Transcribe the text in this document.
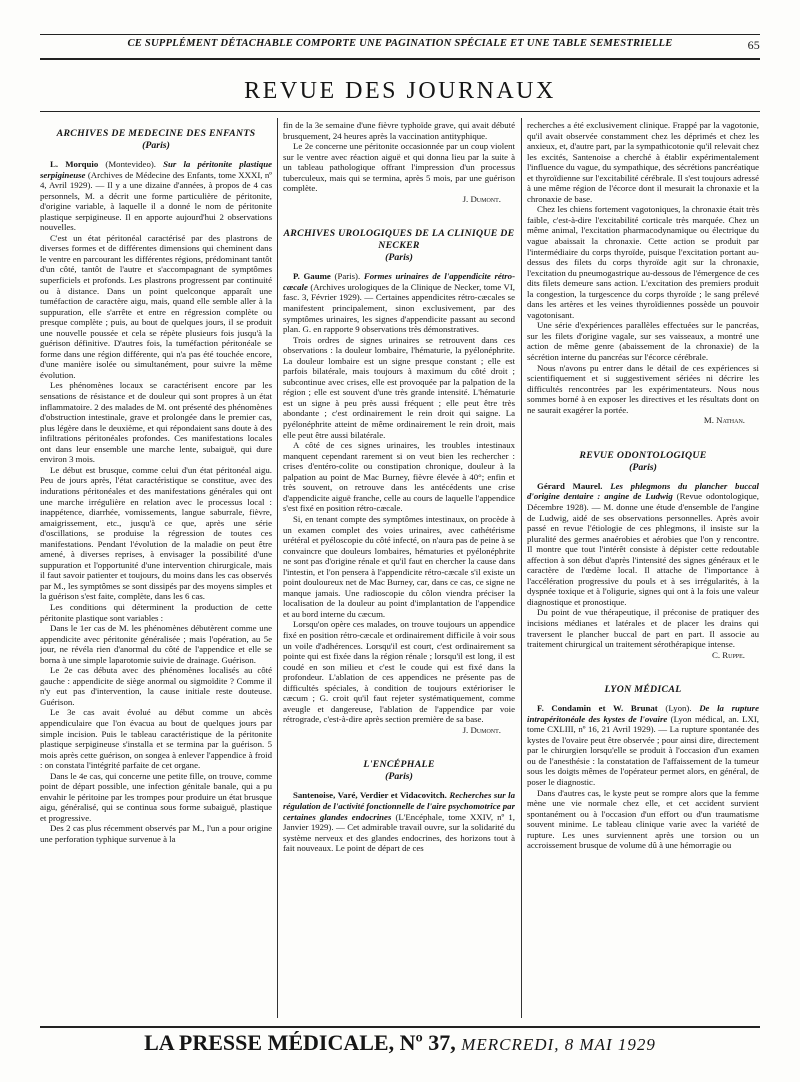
CE SUPPLÉMENT DÉTACHABLE COMPORTE UNE PAGINATION SPÉCIALE ET UNE TABLE SEMESTRIELLE	65
REVUE DES JOURNAUX
ARCHIVES DE MEDECINE DES ENFANTS
(Paris)

L. Morquio (Montevideo). Sur la péritonite plastique serpigineuse (Archives de Médecine des Enfants, tome XXXI, nº 4, Avril 1929). — Il y a une dizaine d'années, à propos de 4 cas personnels, M. a décrit une forme particulière de péritonite, d'origine variable, à laquelle il a donné le nom de péritonite plastique serpigineuse. Il en apporte aujourd'hui 2 observations nouvelles.

C'est un état péritonéal caractérisé par des plastrons de diverses formes et de différentes dimensions qui cheminent dans le ventre en parcourant les différentes régions, prédominant tantôt d'un côté, tantôt de l'autre et s'accompagnant de symptômes superficiels et profonds. Les plastrons progressent par continuité ou à distance. Dans un point quelconque apparaît une tuméfaction de caractère aigu, mais, quand elle semble aller à la suppuration, elle s'arrête et entre en régression complète ou presque complète ; puis, au bout de quelques jours, il se produit une nouvelle poussée et cela se répète plusieurs fois jusqu'à la guérison définitive. D'autres fois, la tuméfaction péritonéale se forme dans une région différente, qui n'a pas été touchée encore, d'une manière isolée ou simultanément, pour suivre la même évolution.

Les phénomènes locaux se caractérisent encore par les sensations de résistance et de douleur qui sont propres à un état inflammatoire. 2 des malades de M. ont présenté des phénomènes d'obstruction intestinale, grave et prolongée dans le premier cas, plus légère dans le deuxième, et qui répondaient sans doute à des infiltrations péritonéales profondes. Ces manifestations locales ont dans leur ensemble une marche lente, subaiguë, qui dure environ 3 mois.

Le début est brusque, comme celui d'un état péritonéal aigu. Peu de jours après, l'état caractéristique se constitue, avec des indurations péritonéales et des manifestations générales qui ont une marche irrégulière en relation avec le processus local : inappétence, diarrhée, vomissements, langue saburrale, fièvre, amaigrissement, etc., jusqu'à ce que, après une série d'oscillations, se produise la régression de toutes ces manifestations. Pendant l'évolution de la maladie on peut être amené, à diverses reprises, à envisager la possibilité d'une suppuration et l'opportunité d'une intervention chirurgicale, mais il faut savoir patienter et toujours, du moins dans les cas observés par M., les symptômes se sont dissipés par des moyens simples et la guérison s'est faite, complète, dans les 6 cas.

Les conditions qui déterminent la production de cette péritonite plastique sont variables :

Dans le 1er cas de M. les phénomènes débutèrent comme une appendicite avec péritonite généralisée ; mais l'opération, au 5e jour, ne révéla rien d'anormal du côté de l'appendice et elle se borna à une simple laparotomie suivie de drainage. Guérison.

Le 2e cas débuta avec des phénomènes localisés au côté gauche : appendicite de siège anormal ou sigmoïdite ? Comme il n'y eut pas d'intervention, la cause initiale reste douteuse. Guérison.

Le 3e cas avait évolué au début comme un abcès appendiculaire que l'on évacua au bout de quelques jours par simple incision. Puis le tableau caractéristique de la péritonite plastique serpigineuse s'installa et se termina par la guérison. 5 mois après cette guérison, on songea à enlever l'appendice à froid : on constata l'intégrité parfaite de cet organe.

Dans le 4e cas, qui concerne une petite fille, on trouve, comme point de départ possible, une infection génitale banale, qui a pu envahir le péritoine par les trompes pour produire un état brusque aigu, généralisé, qui se continua sous forme subaiguë, plastique et progressive.

Des 2 cas plus récemment observés par M., l'un a pour origine une perforation typhique survenue à la

fin de la 3e semaine d'une fièvre typhoïde grave, qui avait débuté brusquement, 24 heures après la vaccination antityphique.

Le 2e concerne une péritonite occasionnée par un coup violent sur le ventre avec réaction aiguë et qui donna lieu par la suite à un tableau pathologique offrant l'impression d'un processus tuberculeux, mais qui se termina, après 5 mois, par une guérison complète.

J. Dumont.
ARCHIVES UROLOGIQUES DE LA CLINIQUE DE NECKER
(Paris)

P. Gaume (Paris). Formes urinaires de l'appendicite rétro-cæcale (Archives urologiques de la Clinique de Necker, tome VI, fasc. 3, Février 1929). — Certaines appendicites rétro-cæcales se manifestent principalement, sinon exclusivement, par des symptômes urinaires, les signes d'appendicite passant au second plan. G. en rapporte 9 observations très démonstratives.

Trois ordres de signes urinaires se retrouvent dans ces observations : la douleur lombaire, l'hématurie, la pyélonéphrite. La douleur lombaire est un signe presque constant ; elle est parfois bilatérale, mais toujours à maximum du côté droit ; subcontinue avec crises, elle est provoquée par la palpation de la région ; elle est souvent d'une très grande intensité. L'hématurie est un signe à peu près aussi fréquent ; elle peut être très abondante ; c'est ordinairement le rein droit qui saigne. La pyélonéphrite atteint de même ordinairement le rein droit, mais elle peut être aussi bilatérale.

A côté de ces signes urinaires, les troubles intestinaux manquent cependant rarement si on veut bien les rechercher : crises d'entéro-colite ou constipation chronique, douleur à la palpation au point de Mac Burney, fièvre élevée à 40°; enfin et très souvent, on retrouve dans les antécédents une crise d'appendicite aiguë franche, celle au cours de laquelle l'appendice s'est fixé en position rétro-cæcale.

Si, en tenant compte des symptômes intestinaux, on procède à un examen complet des voies urinaires, avec cathétérisme urétéral et pyéloscopie du côté infecté, on n'aura pas de peine à se convaincre que douleurs lombaires, hématuries et pyélonéphrite ne sont pas d'origine rénale et qu'il faut en chercher la cause dans l'intestin, et l'on pensera à l'appendicite rétro-cæcale s'il existe un point douloureux net de Mac Burney, car, dans ce cas, ce signe ne manque jamais. Une radioscopie du côlon viendra préciser la localisation de la douleur au point d'implantation de l'appendice et au bord interne du cæcum.

Lorsqu'on opère ces malades, on trouve toujours un appendice fixé en position rétro-cæcale et ordinairement difficile à voir sous un voile d'adhérences. Lorsqu'il est court, c'est ordinairement sa pointe qui est fixée dans la région rénale ; lorsqu'il est long, il est coudé en son milieu et c'est le coude qui est fixé dans la profondeur. L'ablation de ces appendices ne présente pas de difficultés spéciales, à condition de toujours extérioriser le cæcum ; G. croit qu'il faut rejeter systématiquement, comme aveugle et dangereuse, l'ablation de l'appendice par voie rétrograde, c'est-à-dire après section première de sa base.

J. Dumont.
L'ENCÉPHALE
(Paris)

Santenoise, Varé, Verdier et Vidacovitch. Recherches sur la régulation de l'activité fonctionnelle de l'aire psychomotrice par certaines glandes endocrines (L'Encéphale, tome XXIV, nº 1, Janvier 1929). — Cet admirable travail ouvre, sur la solidarité du système nerveux et des glandes endocrines, des horizons tout à fait nouveaux. Le point de départ de ces

recherches a été exclusivement clinique. Frappé par la vagotonie, qu'il avait observée constamment chez les déprimés et chez les anxieux, et, d'autre part, par la sympathicotonie qu'il relevait chez les excités, Santenoise a cherché à établir expérimentalement l'influence du vague, du sympathique, des sécrétions pancréatique et thyroïdienne sur l'excitabilité cérébrale. Il s'est toujours adressé à une même région de l'écorce dont il mesurait la chronaxie et la chronaxie de base.

Chez les chiens fortement vagotoniques, la chronaxie était très faible, c'est-à-dire l'excitabilité corticale très marquée. Chez un même animal, l'excitation pharmacodynamique ou électrique du vague abaissait la chronaxie. Cette action se produit par l'intermédiaire du corps thyroïde, puisque l'excitation portant au-dessus des filets du corps thyroïde agit sur la chronaxie, l'excitation du pneumogastrique au-dessous de l'émergence de ces dits filets demeure sans action. L'excitation des premiers produit la congestion, la turgescence du corps thyroïde ; le sang prélevé dans les artères et les veines thyroïdiennes possède un pouvoir vagotonisant.

Une série d'expériences parallèles effectuées sur le pancréas, sur les filets d'origine vagale, sur ses vaisseaux, a montré une action de même genre (abaissement de la chronaxie) de la sécrétion interne du pancréas sur l'écorce cérébrale.

Nous n'avons pu entrer dans le détail de ces expériences si scientifiquement et si suggestivement sériées ni décrire les difficultés rencontrées par les expérimentateurs. Nous nous sommes borné à en exposer les directives et les résultats dont on ne saurait exagérer la portée.

M. Nathan.
REVUE ODONTOLOGIQUE
(Paris)

Gérard Maurel. Les phlegmons du plancher buccal d'origine dentaire : angine de Ludwig (Revue odontologique, Décembre 1928). — M. donne une étude d'ensemble de l'angine de Ludwig, aidé de ses observations personnelles. Après avoir passé en revue l'étiologie de ces phlegmons, il insiste sur la pluralité des germes anaérobies et aérobies que l'on y rencontre. Il montre que tout l'intérêt consiste à dépister cette redoutable affection à son début d'après l'intensité des signes généraux et le caractère de l'œdème local. Il attache de l'importance à l'accélération progressive du pouls et à ses irrégularités, à la dyspnée toxique et à l'oligurie, signes qui ont à la fois une valeur diagnostique et pronostique.

Du point de vue thérapeutique, il préconise de pratiquer des incisions médianes et latérales et de placer les drains qui traversent le plancher buccal de part en part. Il associe au traitement chirurgical un traitement sérothérapique intense.

C. Ruppe.
LYON MÉDICAL

F. Condamin et W. Brunat (Lyon). De la rupture intrapéritonéale des kystes de l'ovaire (Lyon médical, an. LXI, tome CXLIII, nº 16, 21 Avril 1929). — La rupture spontanée des kystes de l'ovaire peut être observée ; pour ainsi dire, directement par le chirurgien lorsqu'elle se produit à l'occasion d'un examen ou de l'anesthésie : la constatation de l'affaissement de la tumeur sous les doigts mêmes de l'opérateur permet alors, en général, de poser le diagnostic.

Dans d'autres cas, le kyste peut se rompre alors que la femme mène une vie normale chez elle, et cet accident survient spontanément ou à l'occasion d'un effort ou d'un traumatisme souvent minime. Le tableau clinique varie avec la variété de rupture. Les unes surviennent après une torsion ou un accroissement brusque de volume dû à une hémorragie ou

LA PRESSE MÉDICALE, Nº 37, MERCREDI, 8 MAI 1929
